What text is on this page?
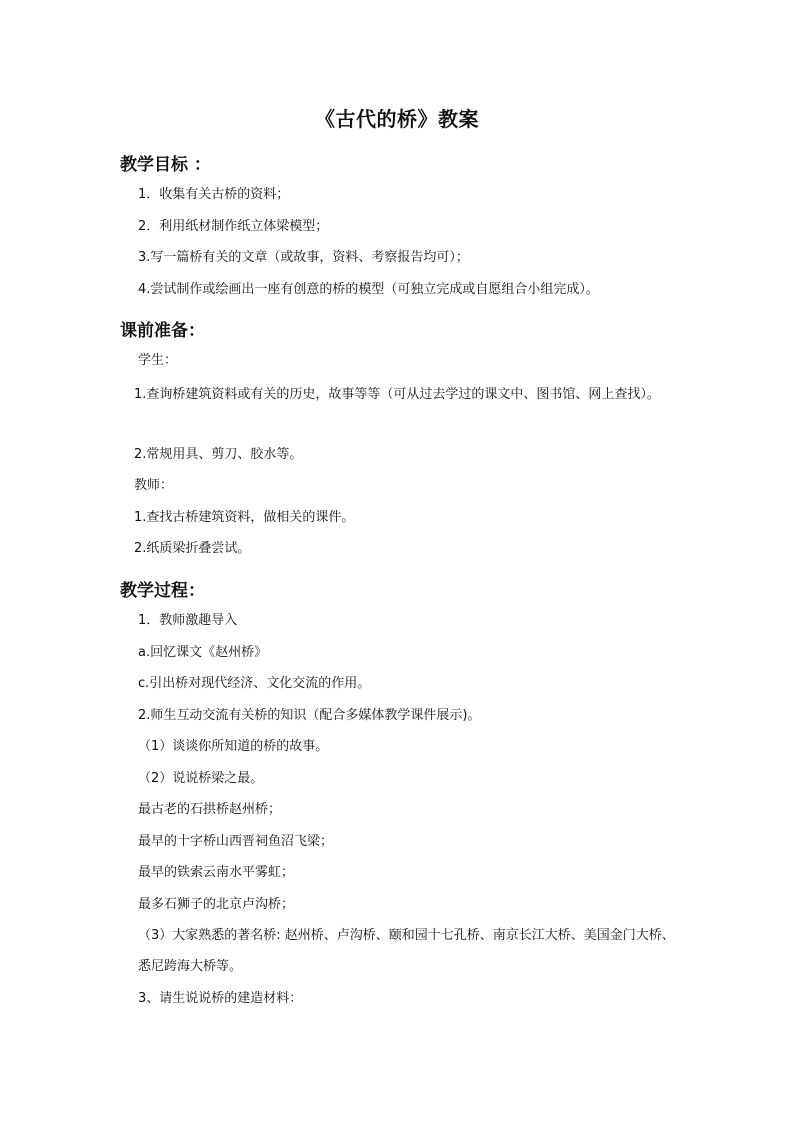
《古代的桥》教案
教学目标 ：
1．收集有关古桥的资料；
2．利用纸材制作纸立体梁模型；
3.写一篇桥有关的文章（或故事，资料、考察报告均可）；
4.尝试制作或绘画出一座有创意的桥的模型（可独立完成或自愿组合小组完成）。
课前准备：
学生：
1.查询桥建筑资料或有关的历史，故事等等（可从过去学过的课文中、图书馆、网上查找）。
2.常规用具、剪刀、胶水等。
教师：
1.查找古桥建筑资料，做相关的课件。
2.纸质梁折叠尝试。
教学过程：
1．教师激趣导入
a.回忆课文《赵州桥》
c.引出桥对现代经济、文化交流的作用。
2.师生互动交流有关桥的知识（配合多媒体教学课件展示)。
（1）谈谈你所知道的桥的故事。
（2）说说桥梁之最。
最古老的石拱桥赵州桥；
最早的十字桥山西晋祠鱼沼飞梁；
最早的铁索云南水平雾虹；
最多石狮子的北京卢沟桥；
（3）大家熟悉的著名桥: 赵州桥、卢沟桥、颐和园十七孔桥、南京长江大桥、美国金门大桥、悉尼跨海大桥等。
3、请生说说桥的建造材料：
